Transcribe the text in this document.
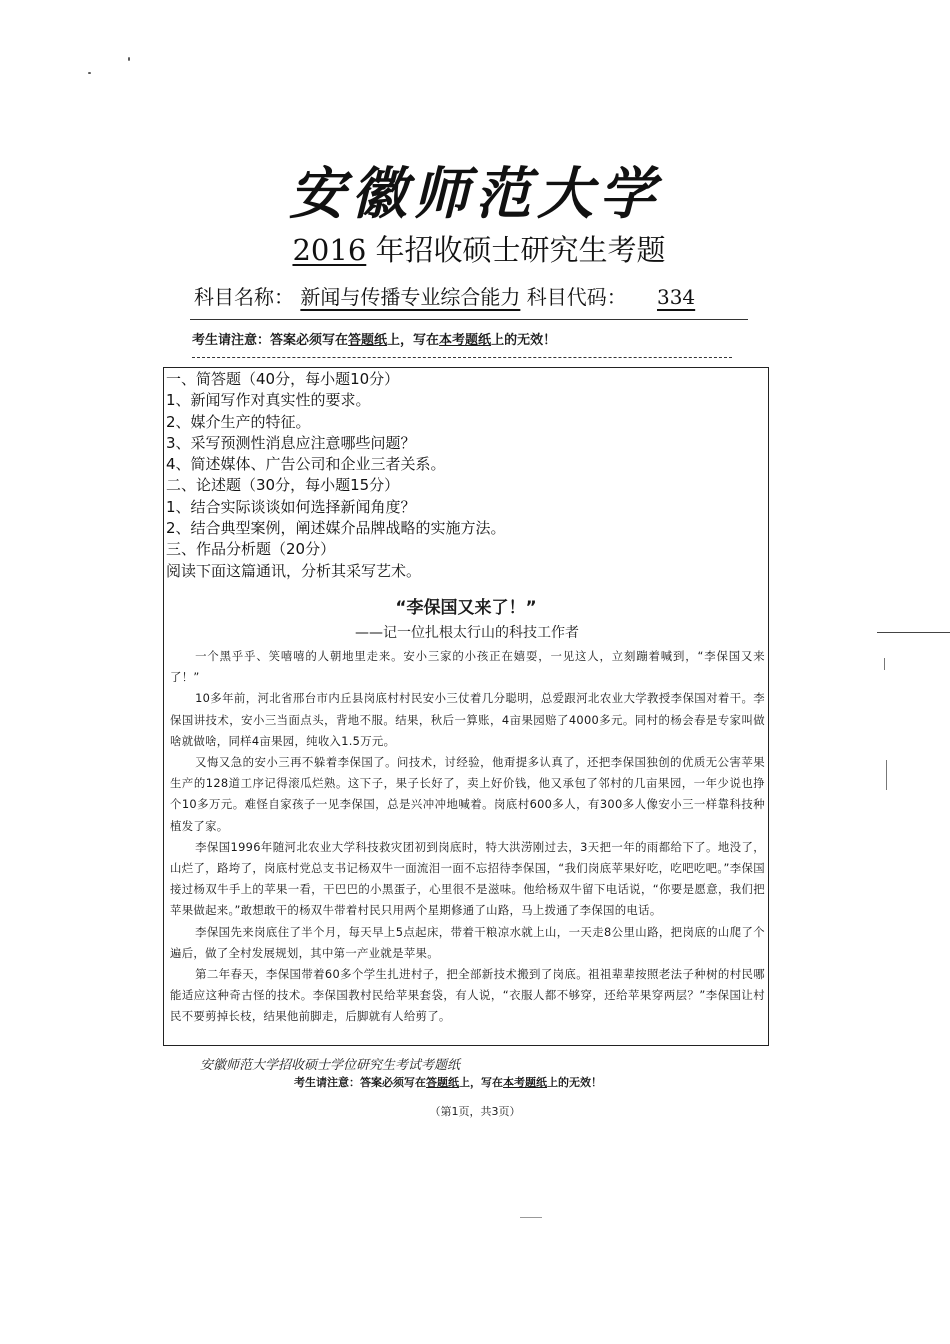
安徽师范大学
2016 年招收硕士研究生考题
科目名称： 新闻与传播专业综合能力 科目代码： 334
考生请注意：答案必须写在答题纸上，写在本考题纸上的无效！
一、简答题（40分，每小题10分）
1、新闻写作对真实性的要求。
2、媒介生产的特征。
3、采写预测性消息应注意哪些问题？
4、简述媒体、广告公司和企业三者关系。
二、论述题（30分，每小题15分）
1、结合实际谈谈如何选择新闻角度？
2、结合典型案例，阐述媒介品牌战略的实施方法。
三、作品分析题（20分）
阅读下面这篇通讯，分析其采写艺术。
“李保国又来了！”
——记一位扎根太行山的科技工作者

一个黑乎乎、笑嘻嘻的人朝地里走来。安小三家的小孩正在嬉耍，一见这人，立刻蹦着喊到，“李保国又来了！”

10多年前，河北省邢台市内丘县岗底村村民安小三仗着几分聪明，总爱跟河北农业大学教授李保国对着干。李保国讲技术，安小三当面点头，背地不服。结果，秋后一算账，4亩果园赔了4000多元。同村的杨会春是专家叫做啥就做啥，同样4亩果园，纯收入1.5万元。

又悔又急的安小三再不躲着李保国了。问技术，讨经验，他甭提多认真了，还把李保国独创的优质无公害苹果生产的128道工序记得滚瓜烂熟。这下子，果子长好了，卖上好价钱，他又承包了邻村的几亩果园，一年少说也挣个10多万元。难怪自家孩子一见李保国，总是兴冲冲地喊着。岗底村600多人，有300多人像安小三一样靠科技种植发了家。

李保国1996年随河北农业大学科技救灾团初到岗底时，特大洪涝刚过去，3天把一年的雨都给下了。地没了，山烂了，路垮了，岗底村党总支书记杨双牛一面流泪一面不忘招待李保国，“我们岗底苹果好吃，吃吧吃吧。”李保国接过杨双牛手上的苹果一看，干巴巴的小黑蛋子，心里很不是滋味。他给杨双牛留下电话说，“你要是愿意，我们把苹果做起来。”敢想敢干的杨双牛带着村民只用两个星期修通了山路，马上拨通了李保国的电话。

李保国先来岗底住了半个月，每天早上5点起床，带着干粮凉水就上山，一天走8公里山路，把岗底的山爬了个遍后，做了全村发展规划，其中第一产业就是苹果。

第二年春天，李保国带着60多个学生扎进村子，把全部新技术搬到了岗底。祖祖辈辈按照老法子种树的村民哪能适应这种奇古怪的技术。李保国教村民给苹果套袋，有人说，“衣服人都不够穿，还给苹果穿两层？”李保国让村民不要剪掉长枝，结果他前脚走，后脚就有人给剪了。

安徽师范大学招收硕士学位研究生考试考题纸
考生请注意：答案必须写在答题纸上，写在本考题纸上的无效！
（第1页，共3页）
